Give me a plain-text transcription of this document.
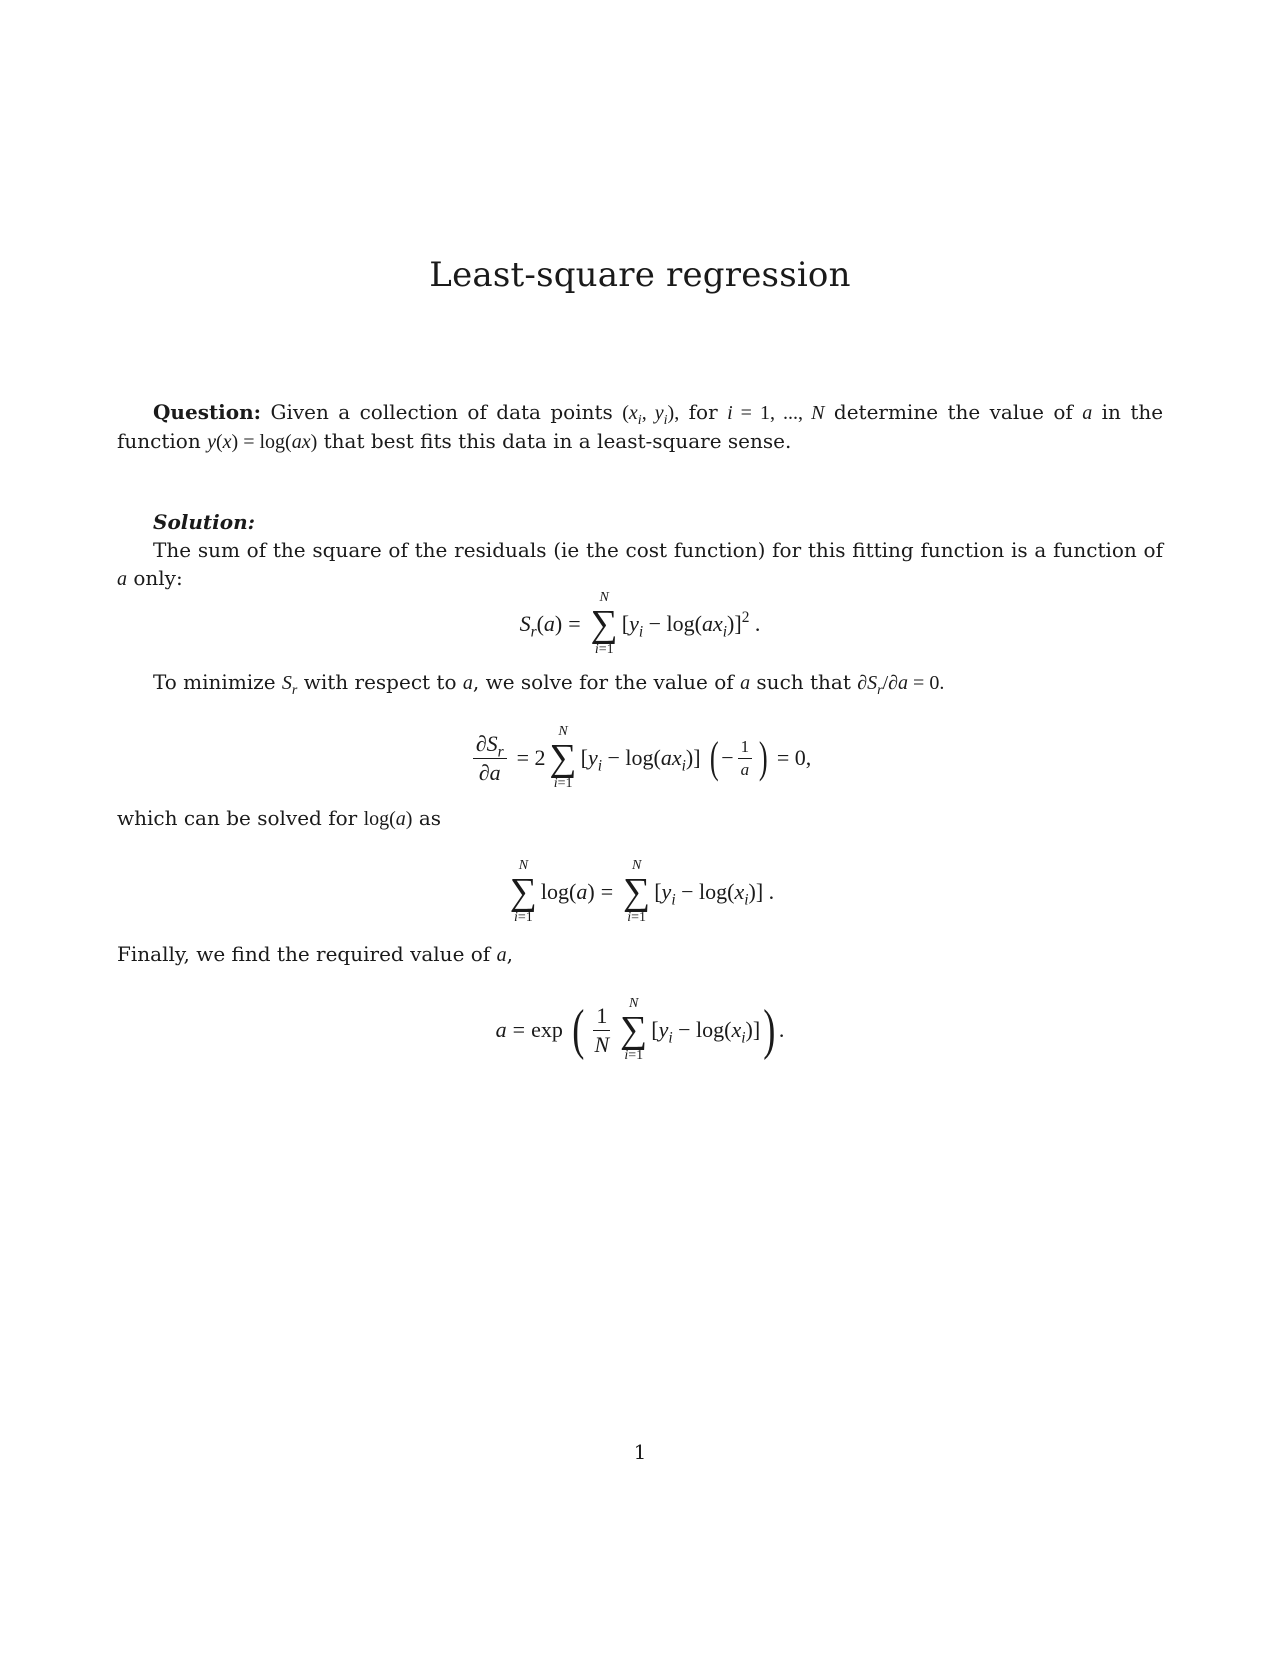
Least-square regression
Question: Given a collection of data points ($x_i$, $y_i$), for i = 1, ..., N determine the value of a in the function y(x) = log(ax) that best fits this data in a least-square sense.
Solution:
The sum of the square of the residuals (ie the cost function) for this fitting function is a function of a only:
$S_r(a)$ =
N
∑
i=1
$[y_i - \log(ax_i)]^2$ .
To minimize $S_r$ with respect to a, we solve for the value of a such that $\partial S_r/\partial a = 0$.
$\frac{\partial S_r}{\partial a} = 2$
N
∑
i=1
$[y_i - \log(ax_i)]$ ( − $\frac{1}{a}$ ) = 0,
which can be solved for log(a) as
N
∑
i=1
log(a) =
N
∑
i=1
$[y_i - \log(x_i)]$ .
Finally, we find the required value of a,
a = exp ( $\frac{1}{N}$ N
∑
i=1
$[y_i - \log(x_i)]$ ) .
1
